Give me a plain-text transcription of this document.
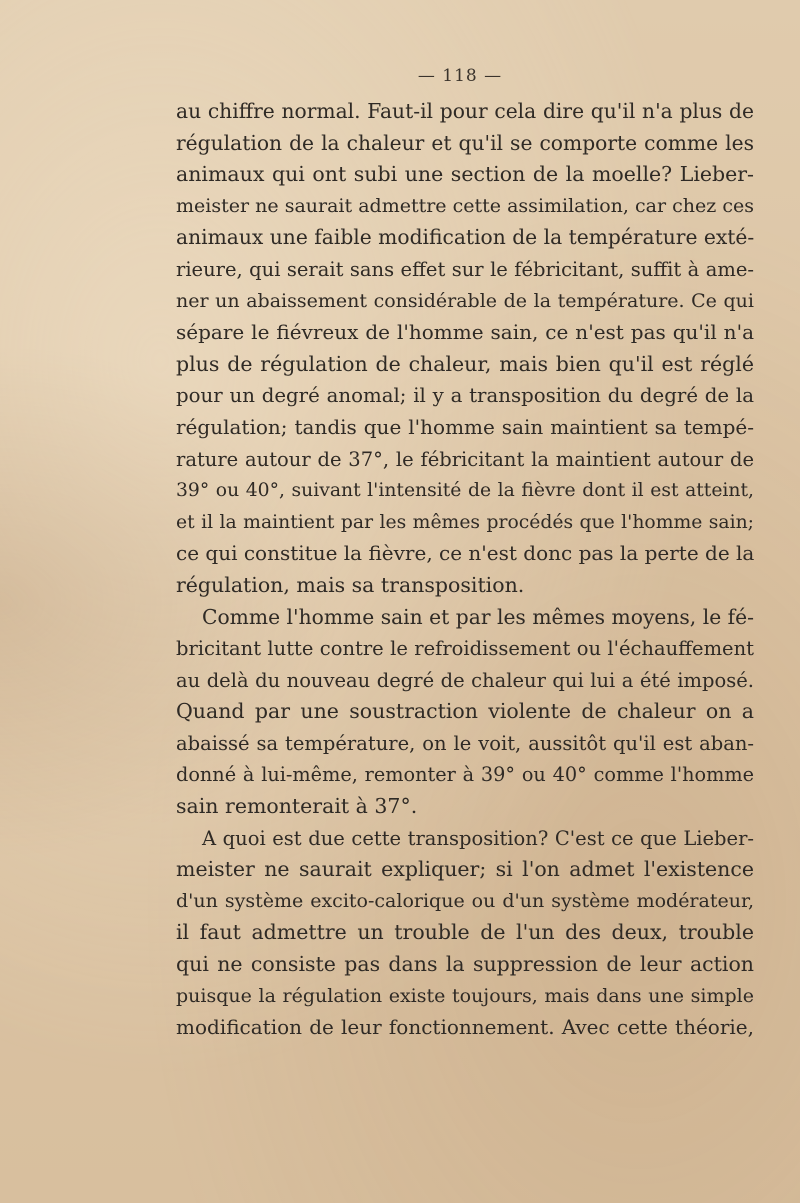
— 118 —
au chiffre normal. Faut-il pour cela dire qu'il n'a plus de
régulation de la chaleur et qu'il se comporte comme les
animaux qui ont subi une section de la moelle? Lieber-
meister ne saurait admettre cette assimilation, car chez ces
animaux une faible modification de la température exté-
rieure, qui serait sans effet sur le fébricitant, suffit à ame-
ner un abaissement considérable de la température. Ce qui
sépare le fiévreux de l'homme sain, ce n'est pas qu'il n'a
plus de régulation de chaleur, mais bien qu'il est réglé
pour un degré anomal; il y a transposition du degré de la
régulation; tandis que l'homme sain maintient sa tempé-
rature autour de 37°, le fébricitant la maintient autour de
39° ou 40°, suivant l'intensité de la fièvre dont il est atteint,
et il la maintient par les mêmes procédés que l'homme sain;
ce qui constitue la fièvre, ce n'est donc pas la perte de la
régulation, mais sa transposition.
Comme l'homme sain et par les mêmes moyens, le fé-
bricitant lutte contre le refroidissement ou l'échauffement
au delà du nouveau degré de chaleur qui lui a été imposé.
Quand par une soustraction violente de chaleur on a
abaissé sa température, on le voit, aussitôt qu'il est aban-
donné à lui-même, remonter à 39° ou 40° comme l'homme
sain remonterait à 37°.
A quoi est due cette transposition? C'est ce que Lieber-
meister ne saurait expliquer; si l'on admet l'existence
d'un système excito-calorique ou d'un système modérateur,
il faut admettre un trouble de l'un des deux, trouble
qui ne consiste pas dans la suppression de leur action
puisque la régulation existe toujours, mais dans une simple
modification de leur fonctionnement. Avec cette théorie,
